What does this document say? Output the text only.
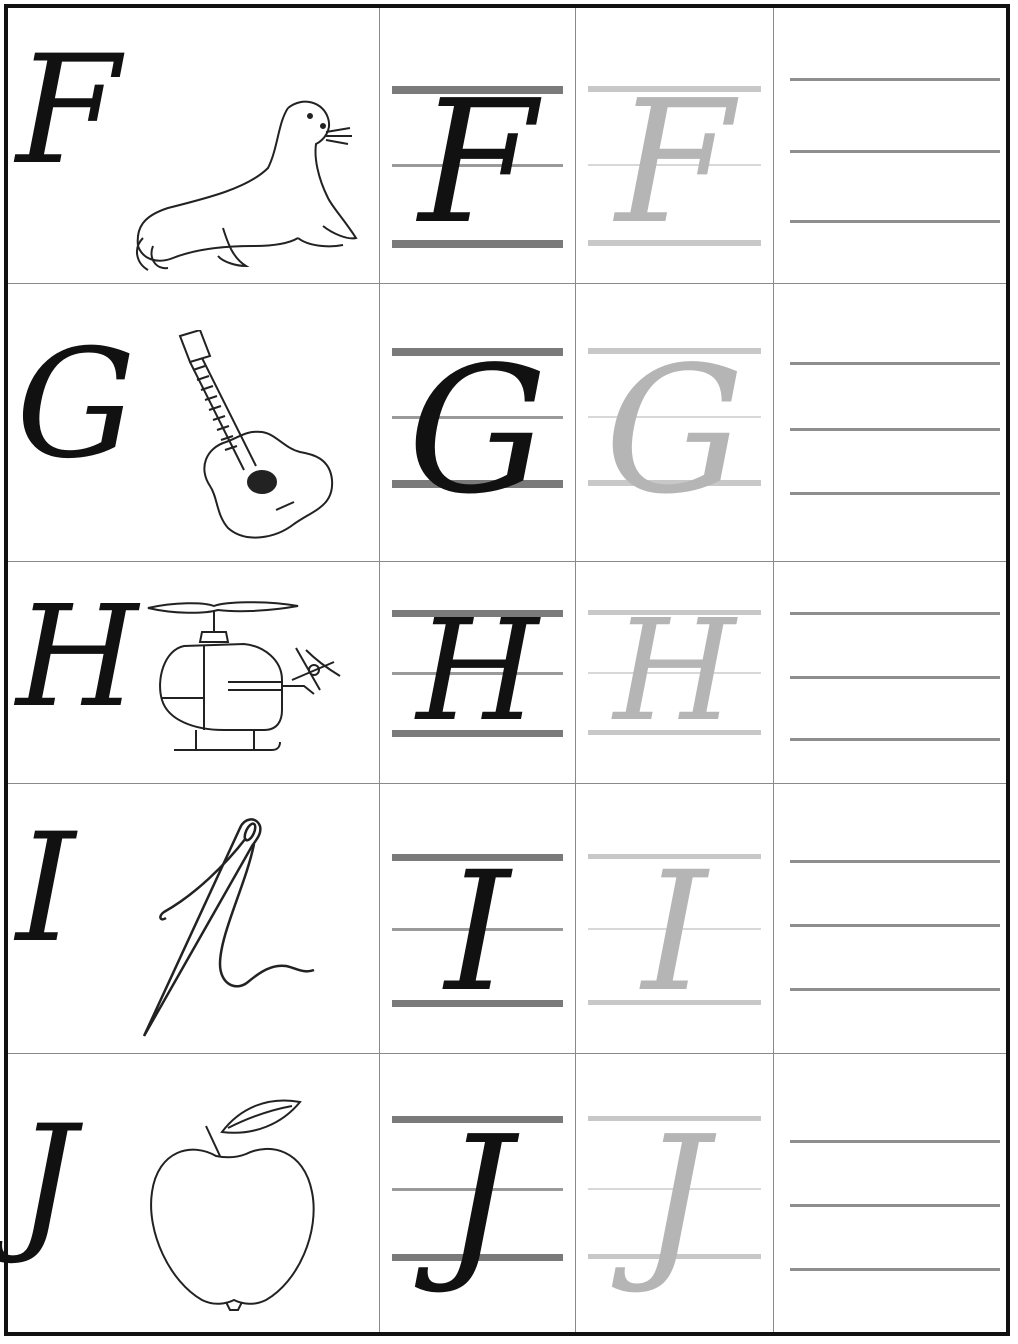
F F F
G G G
H H H
I	I I
J	J J
